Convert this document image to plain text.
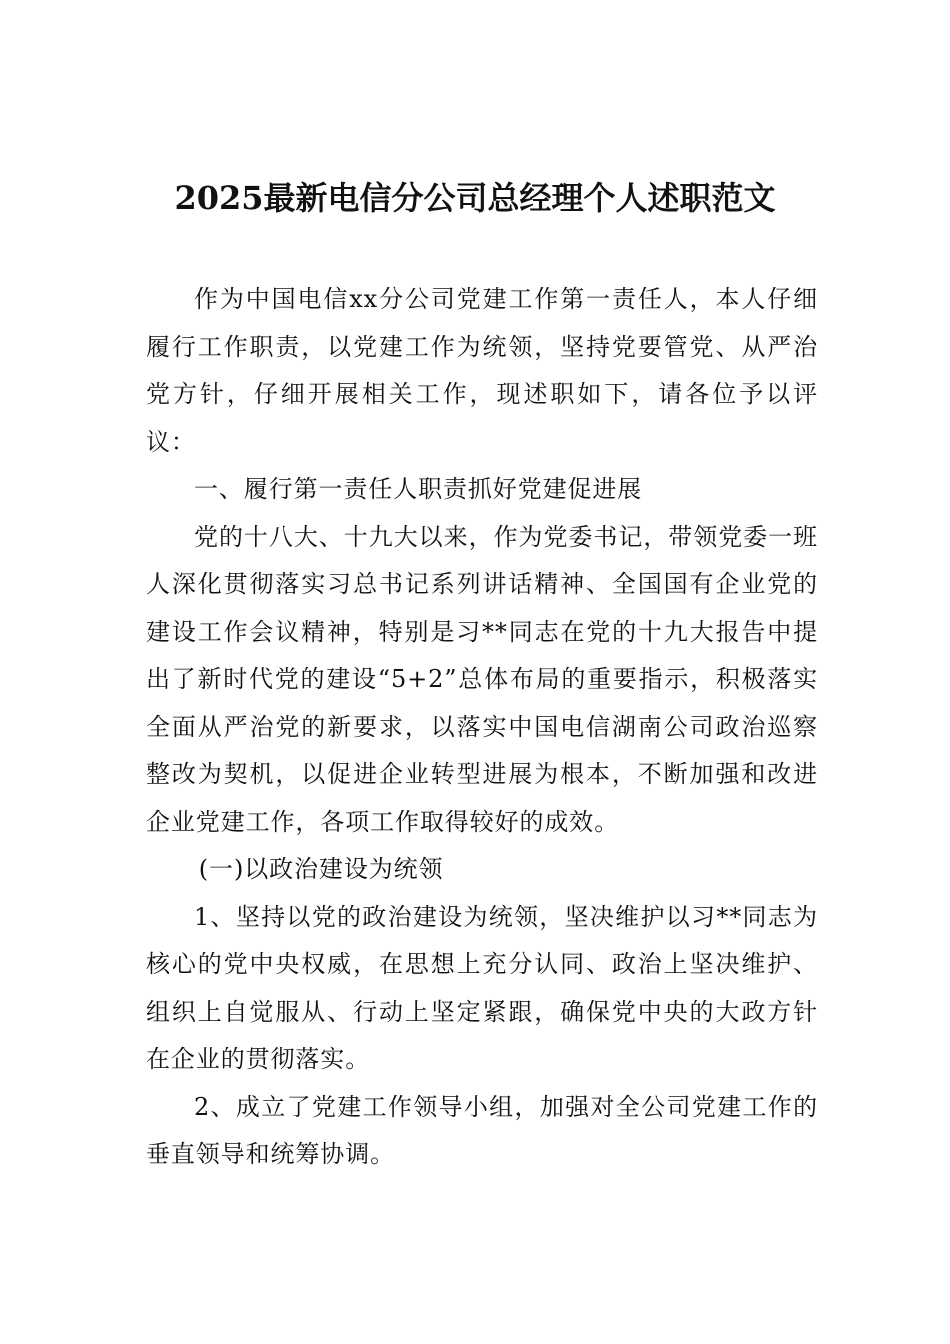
2025最新电信分公司总经理个人述职范文

作为中国电信xx分公司党建工作第一责任人，本人仔细履行工作职责，以党建工作为统领，坚持党要管党、从严治党方针，仔细开展相关工作，现述职如下，请各位予以评议：

一、履行第一责任人职责抓好党建促进展

党的十八大、十九大以来，作为党委书记，带领党委一班人深化贯彻落实习总书记系列讲话精神、全国国有企业党的建设工作会议精神，特别是习**同志在党的十九大报告中提出了新时代党的建设“5+2”总体布局的重要指示，积极落实全面从严治党的新要求，以落实中国电信湖南公司政治巡察整改为契机，以促进企业转型进展为根本，不断加强和改进企业党建工作，各项工作取得较好的成效。

(一)以政治建设为统领

1、坚持以党的政治建设为统领，坚决维护以习**同志为核心的党中央权威，在思想上充分认同、政治上坚决维护、组织上自觉服从、行动上坚定紧跟，确保党中央的大政方针在企业的贯彻落实。

2、成立了党建工作领导小组，加强对全公司党建工作的垂直领导和统筹协调。
